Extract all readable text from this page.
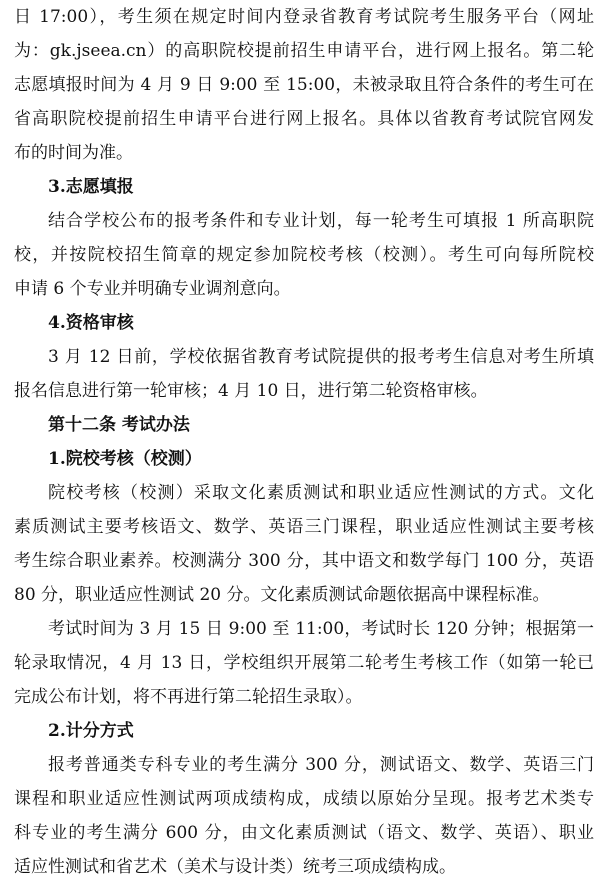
日 17:00），考生须在规定时间内登录省教育考试院考生服务平台（网址
为：gk.jseea.cn）的高职院校提前招生申请平台，进行网上报名。第二轮
志愿填报时间为 4 月 9 日 9:00 至 15:00，未被录取且符合条件的考生可在
省高职院校提前招生申请平台进行网上报名。具体以省教育考试院官网发
布的时间为准。
3.志愿填报
结合学校公布的报考条件和专业计划，每一轮考生可填报 1 所高职院
校，并按院校招生简章的规定参加院校考核（校测）。考生可向每所院校
申请 6 个专业并明确专业调剂意向。
4.资格审核
3 月 12 日前，学校依据省教育考试院提供的报考考生信息对考生所填
报名信息进行第一轮审核；4 月 10 日，进行第二轮资格审核。
第十二条 考试办法
1.院校考核（校测）
院校考核（校测）采取文化素质测试和职业适应性测试的方式。文化
素质测试主要考核语文、数学、英语三门课程，职业适应性测试主要考核
考生综合职业素养。校测满分 300 分，其中语文和数学每门 100 分，英语
80 分，职业适应性测试 20 分。文化素质测试命题依据高中课程标准。
考试时间为 3 月 15 日 9:00 至 11:00，考试时长 120 分钟；根据第一
轮录取情况，4 月 13 日，学校组织开展第二轮考生考核工作（如第一轮已
完成公布计划，将不再进行第二轮招生录取）。
2.计分方式
报考普通类专科专业的考生满分 300 分，测试语文、数学、英语三门
课程和职业适应性测试两项成绩构成，成绩以原始分呈现。报考艺术类专
科专业的考生满分 600 分，由文化素质测试（语文、数学、英语）、职业
适应性测试和省艺术（美术与设计类）统考三项成绩构成。
